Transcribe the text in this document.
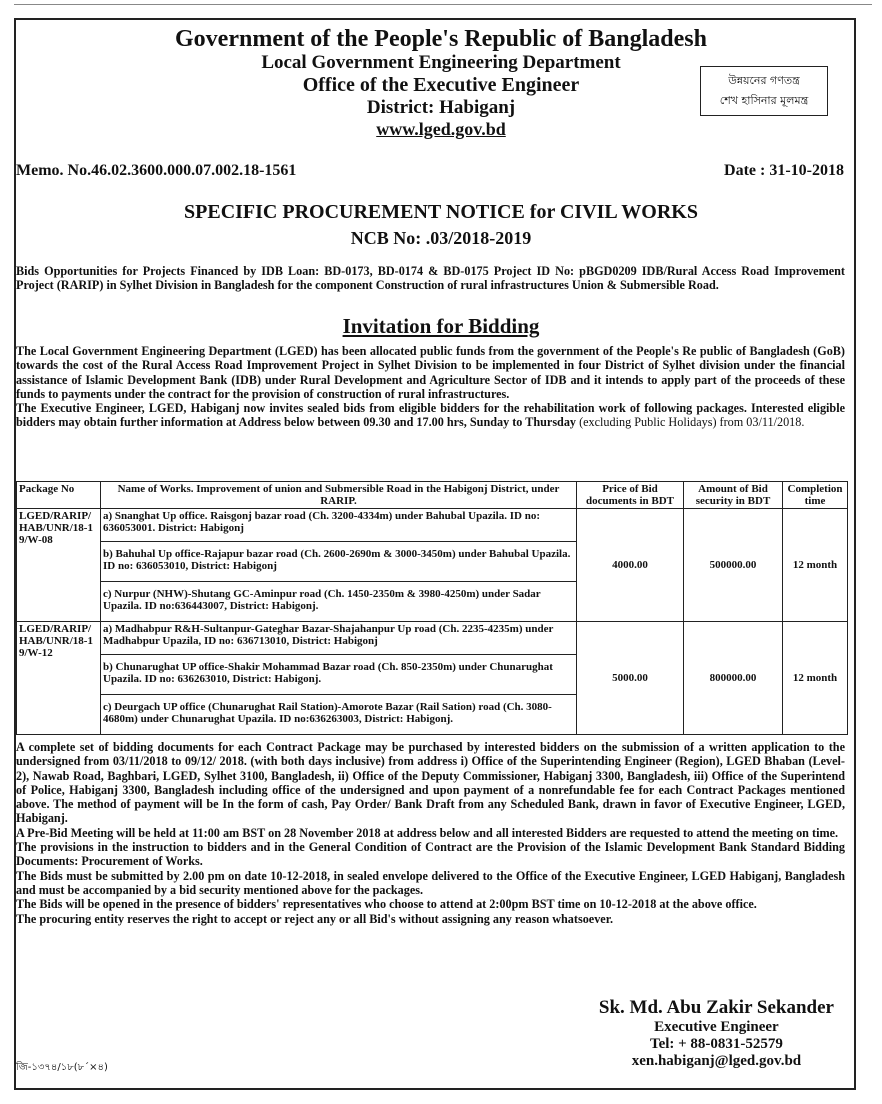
Government of the People's Republic of Bangladesh
Local Government Engineering Department
Office of the Executive Engineer
District: Habiganj
www.lged.gov.bd
উন্নয়নের গণতন্ত্র
শেখ হাসিনার মূলমন্ত্র
Memo. No.46.02.3600.000.07.002.18-1561	Date : 31-10-2018
SPECIFIC PROCUREMENT NOTICE for CIVIL WORKS
NCB No: .03/2018-2019
Bids Opportunities for Projects Financed by IDB Loan: BD-0173, BD-0174 & BD-0175 Project ID No: pBGD0209 IDB/Rural Access Road Improvement Project (RARIP) in Sylhet Division in Bangladesh for the component Construction of rural infrastructures Union & Submersible Road.
Invitation for Bidding
The Local Government Engineering Department (LGED) has been allocated public funds from the government of the People's Re public of Bangladesh (GoB) towards the cost of the Rural Access Road Improvement Project in Sylhet Division to be implemented in four District of Sylhet division under the financial assistance of Islamic Development Bank (IDB) under Rural Development and Agriculture Sector of IDB and it intends to apply part of the proceeds of these funds to payments under the contract for the provision of construction of rural infrastructures.
The Executive Engineer, LGED, Habiganj now invites sealed bids from eligible bidders for the rehabilitation work of following packages. Interested eligible bidders may obtain further information at Address below between 09.30 and 17.00 hrs, Sunday to Thursday (excluding Public Holidays) from 03/11/2018.
Package No	Name of Works. Improvement of union and Submersible Road in the Habigonj District, under RARIP.	Price of Bid documents in BDT	Amount of Bid security in BDT	Completion time
LGED/RARIP/HAB/UNR/18-19/W-08	a) Snanghat Up office. Raisgonj bazar road (Ch. 3200-4334m) under Bahubal Upazila. ID no: 636053001. District: Habigonj	4000.00	500000.00	12 month
	b) Bahuhal Up office-Rajapur bazar road (Ch. 2600-2690m & 3000-3450m) under Bahubal Upazila. ID no: 636053010, District: Habigonj			
	c) Nurpur (NHW)-Shutang GC-Aminpur road (Ch. 1450-2350m & 3980-4250m) under Sadar Upazila. ID no:636443007, District: Habigonj.			
LGED/RARIP/HAB/UNR/18-19/W-12	a) Madhabpur R&H-Sultanpur-Gateghar Bazar-Shajahanpur Up road (Ch. 2235-4235m) under Madhabpur Upazila, ID no: 636713010, District: Habigonj	5000.00	800000.00	12 month
	b) Chunarughat UP office-Shakir Mohammad Bazar road (Ch. 850-2350m) under Chunarughat Upazila. ID no: 636263010, District: Habigonj.			
	c) Deurgach UP office (Chunarughat Rail Station)-Amorote Bazar (Rail Sation) road (Ch. 3080-4680m) under Chunarughat Upazila. ID no:636263003, District: Habigonj.			
A complete set of bidding documents for each Contract Package may be purchased by interested bidders on the submission of a written application to the undersigned from 03/11/2018 to 09/12/ 2018. (with both days inclusive) from address i) Office of the Superintending Engineer (Region), LGED Bhaban (Level-2), Nawab Road, Baghbari, LGED, Sylhet 3100, Bangladesh, ii) Office of the Deputy Commissioner, Habiganj 3300, Bangladesh, iii) Office of the Superintend of Police, Habiganj 3300, Bangladesh including office of the undersigned and upon payment of a nonrefundable fee for each Contract Packages mentioned above. The method of payment will be In the form of cash, Pay Order/ Bank Draft from any Scheduled Bank, drawn in favor of Executive Engineer, LGED, Habiganj.
A Pre-Bid Meeting will be held at 11:00 am BST on 28 November 2018 at address below and all interested Bidders are requested to attend the meeting on time.
The provisions in the instruction to bidders and in the General Condition of Contract are the Provision of the Islamic Development Bank Standard Bidding Documents: Procurement of Works.
The Bids must be submitted by 2.00 pm on date 10-12-2018, in sealed envelope delivered to the Office of the Executive Engineer, LGED Habiganj, Bangladesh and must be accompanied by a bid security mentioned above for the packages.
The Bids will be opened in the presence of bidders' representatives who choose to attend at 2:00pm BST time on 10-12-2018 at the above office.
The procuring entity reserves the right to accept or reject any or all Bid's without assigning any reason whatsoever.
Sk. Md. Abu Zakir Sekander
Executive Engineer
Tel: + 88-0831-52579
xen.habiganj@lged.gov.bd
জি-১৩৭৪/১৮(৮´×৪)
